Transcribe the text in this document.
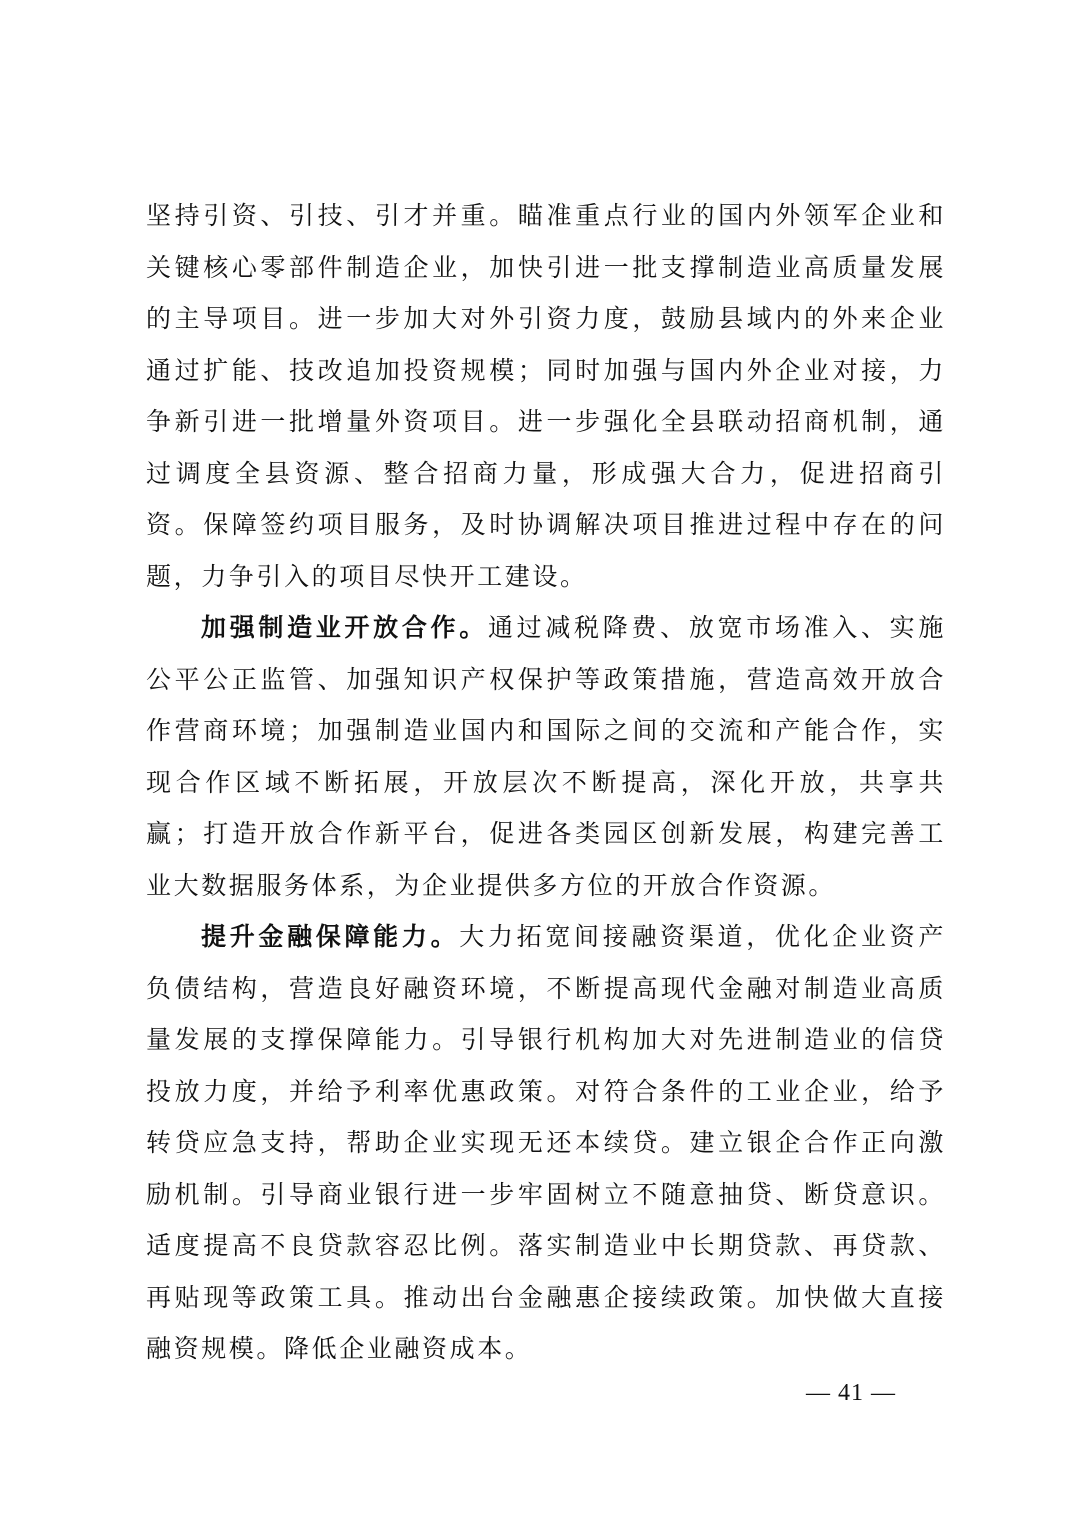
坚持引资、引技、引才并重。瞄准重点行业的国内外领军企业和关键核心零部件制造企业，加快引进一批支撑制造业高质量发展的主导项目。进一步加大对外引资力度，鼓励县域内的外来企业通过扩能、技改追加投资规模；同时加强与国内外企业对接，力争新引进一批增量外资项目。进一步强化全县联动招商机制，通过调度全县资源、整合招商力量，形成强大合力，促进招商引资。保障签约项目服务，及时协调解决项目推进过程中存在的问题，力争引入的项目尽快开工建设。

加强制造业开放合作。通过减税降费、放宽市场准入、实施公平公正监管、加强知识产权保护等政策措施，营造高效开放合作营商环境；加强制造业国内和国际之间的交流和产能合作，实现合作区域不断拓展，开放层次不断提高，深化开放，共享共赢；打造开放合作新平台，促进各类园区创新发展，构建完善工业大数据服务体系，为企业提供多方位的开放合作资源。

提升金融保障能力。大力拓宽间接融资渠道，优化企业资产负债结构，营造良好融资环境，不断提高现代金融对制造业高质量发展的支撑保障能力。引导银行机构加大对先进制造业的信贷投放力度，并给予利率优惠政策。对符合条件的工业企业，给予转贷应急支持，帮助企业实现无还本续贷。建立银企合作正向激励机制。引导商业银行进一步牢固树立不随意抽贷、断贷意识。适度提高不良贷款容忍比例。落实制造业中长期贷款、再贷款、再贴现等政策工具。推动出台金融惠企接续政策。加快做大直接融资规模。降低企业融资成本。

— 41 —
